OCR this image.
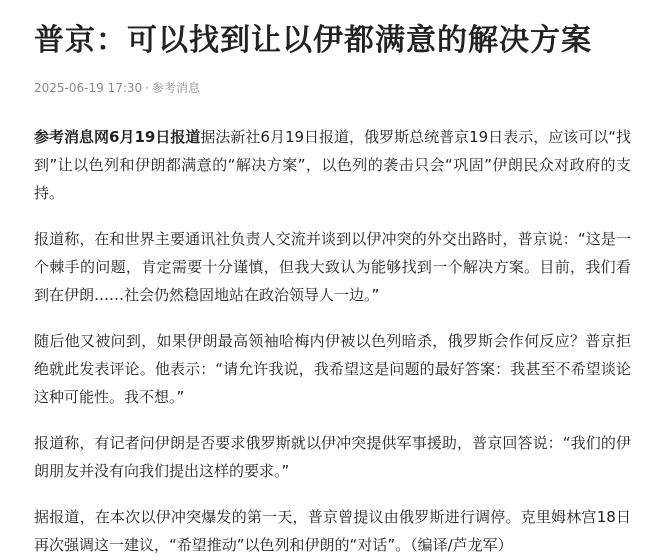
普京：可以找到让以伊都满意的解决方案
2025-06-19 17:30 · 参考消息

参考消息网6月19日报道据法新社6月19日报道，俄罗斯总统普京19日表示，应该可以“找到”让以色列和伊朗都满意的“解决方案”，以色列的袭击只会“巩固”伊朗民众对政府的支持。

报道称，在和世界主要通讯社负责人交流并谈到以伊冲突的外交出路时，普京说：“这是一个棘手的问题，肯定需要十分谨慎，但我大致认为能够找到一个解决方案。目前，我们看到在伊朗……社会仍然稳固地站在政治领导人一边。”

随后他又被问到，如果伊朗最高领袖哈梅内伊被以色列暗杀，俄罗斯会作何反应？普京拒绝就此发表评论。他表示：“请允许我说，我希望这是问题的最好答案：我甚至不希望谈论这种可能性。我不想。”

报道称，有记者问伊朗是否要求俄罗斯就以伊冲突提供军事援助，普京回答说：“我们的伊朗朋友并没有向我们提出这样的要求。”

据报道，在本次以伊冲突爆发的第一天，普京曾提议由俄罗斯进行调停。克里姆林宫18日再次强调这一建议，“希望推动”以色列和伊朗的“对话”。（编译/芦龙军）
